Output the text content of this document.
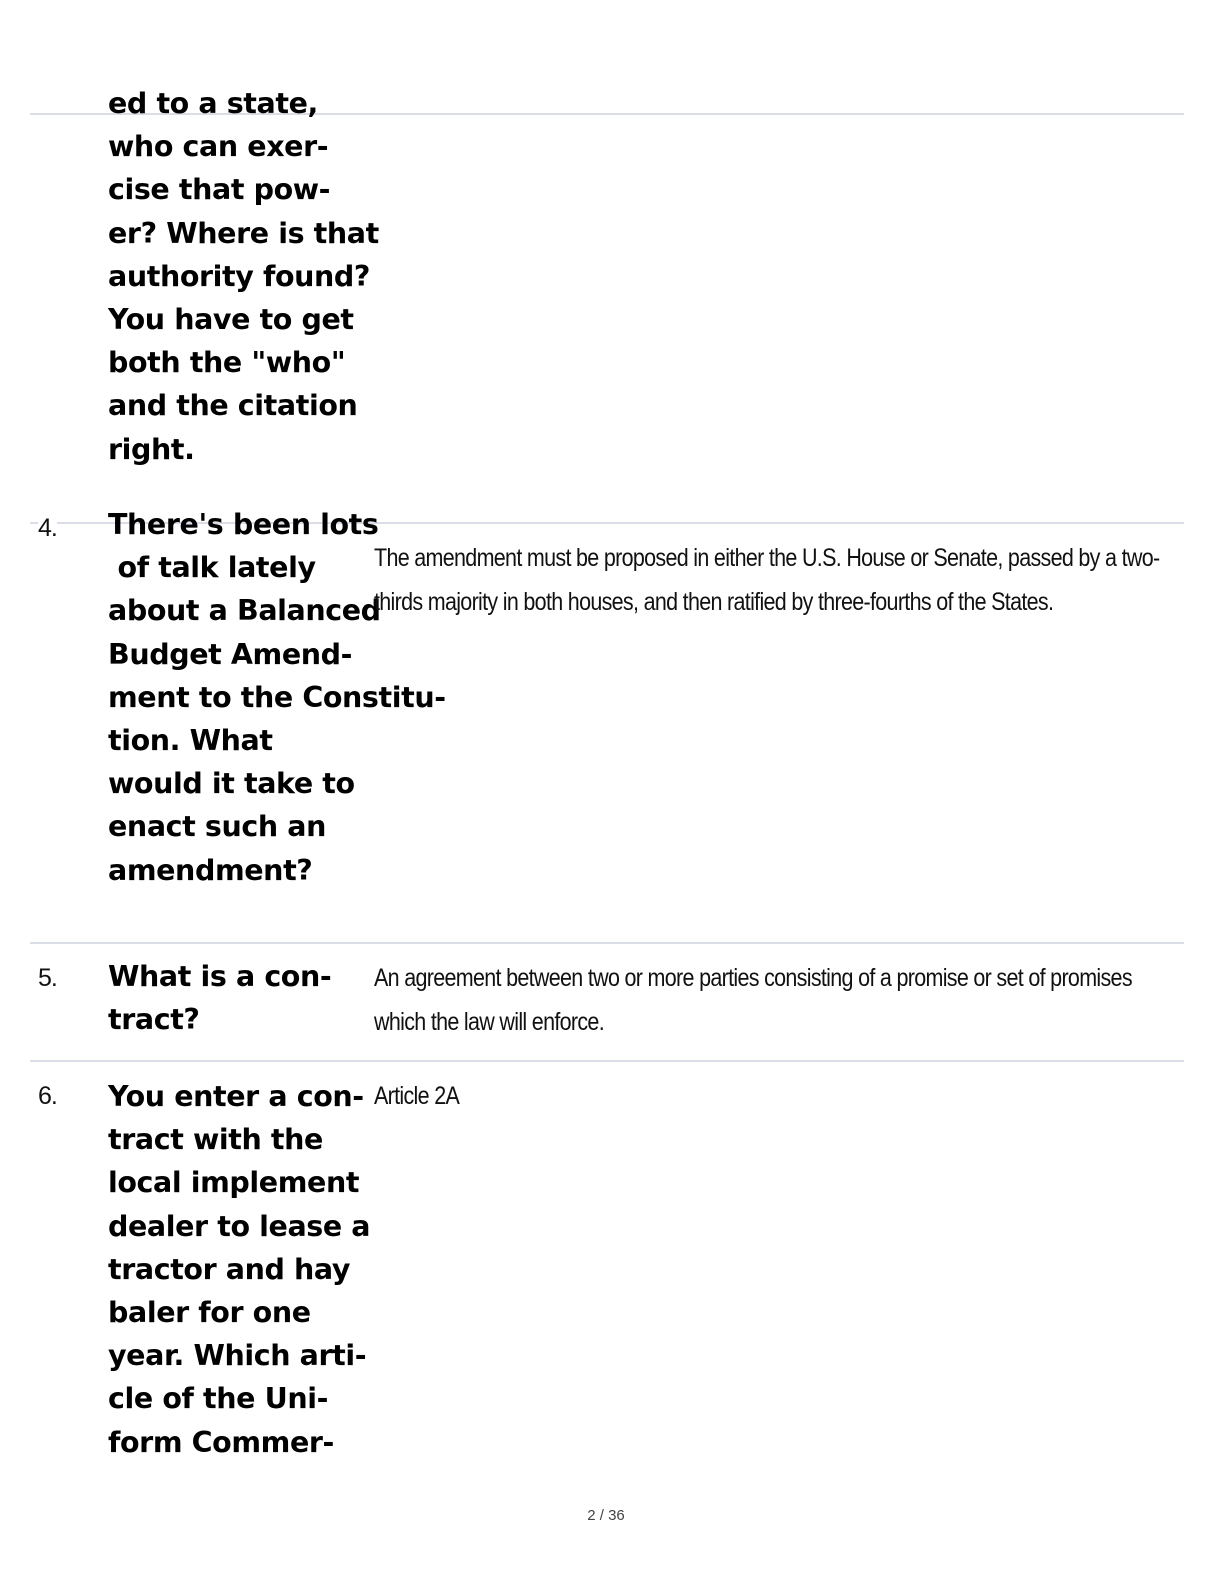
ed to a state,
who can exer-
cise that pow-
er? Where is that
authority found?
You have to get
both the "who"
and the citation
right.
4. There's been lots
of talk lately
about a Balanced
Budget Amend-
ment to the Constitu-
tion. What
would it take to
enact such an
amendment?
The amendment must be proposed in either the U.S. House or Senate, passed by a two-thirds majority in both houses, and then ratified by three-fourths of the States.
5. What is a con-
tract?
An agreement between two or more parties consisting of a promise or set of promises which the law will enforce.
6. You enter a con-
tract with the
local implement
dealer to lease a
tractor and hay
baler for one
year. Which arti-
cle of the Uni-
form Commer-
Article 2A
2 / 36
